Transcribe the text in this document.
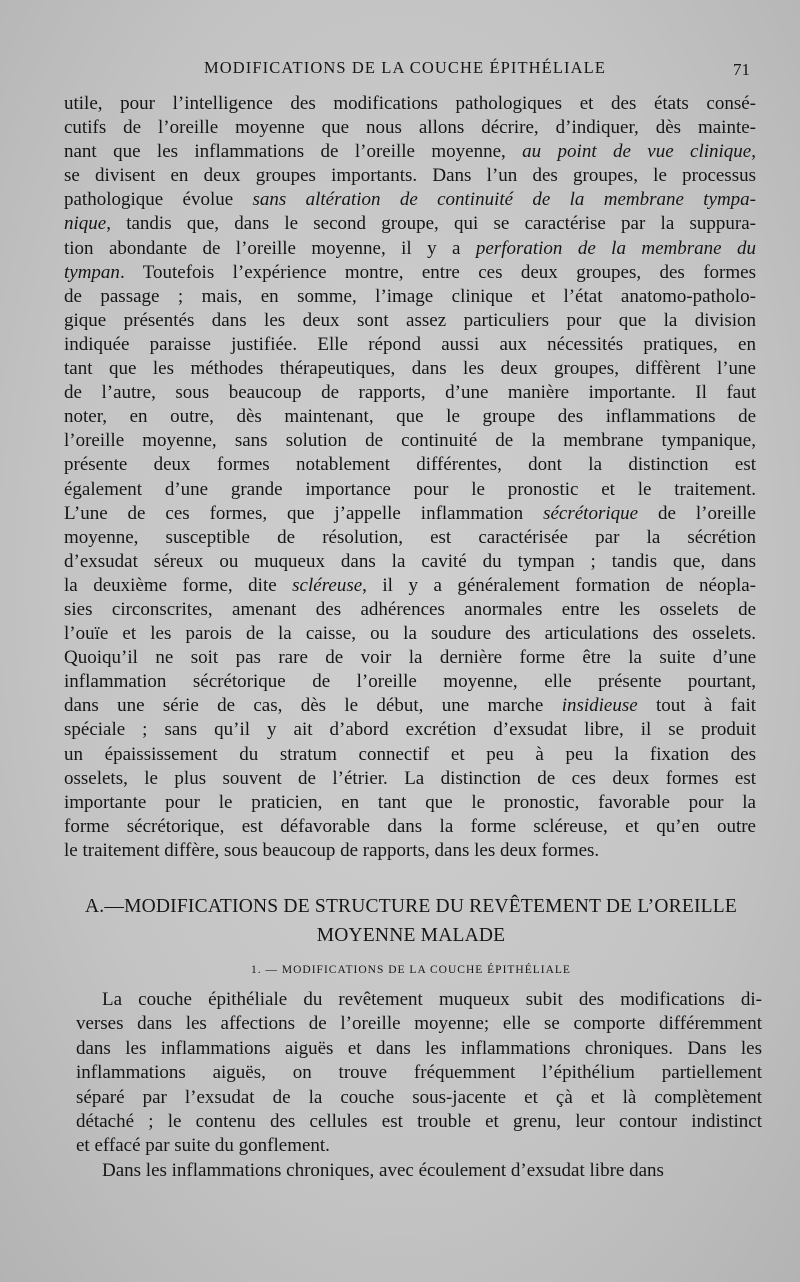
MODIFICATIONS DE LA COUCHE ÉPITHÉLIALE	71
utile, pour l’intelligence des modifications pathologiques et des états consé-
cutifs de l’oreille moyenne que nous allons décrire, d’indiquer, dès mainte-
nant que les inflammations de l’oreille moyenne, au point de vue clinique,
se divisent en deux groupes importants. Dans l’un des groupes, le processus
pathologique évolue sans altération de continuité de la membrane tympa-
nique, tandis que, dans le second groupe, qui se caractérise par la suppura-
tion abondante de l’oreille moyenne, il y a perforation de la membrane du
tympan. Toutefois l’expérience montre, entre ces deux groupes, des formes
de passage ; mais, en somme, l’image clinique et l’état anatomo-patholo-
gique présentés dans les deux sont assez particuliers pour que la division
indiquée paraisse justifiée. Elle répond aussi aux nécessités pratiques, en
tant que les méthodes thérapeutiques, dans les deux groupes, diffèrent l’une
de l’autre, sous beaucoup de rapports, d’une manière importante. Il faut
noter, en outre, dès maintenant, que le groupe des inflammations de
l’oreille moyenne, sans solution de continuité de la membrane tympanique,
présente deux formes notablement différentes, dont la distinction est
également d’une grande importance pour le pronostic et le traitement.
L’une de ces formes, que j’appelle inflammation sécrétorique de l’oreille
moyenne, susceptible de résolution, est caractérisée par la sécrétion
d’exsudat séreux ou muqueux dans la cavité du tympan ; tandis que, dans
la deuxième forme, dite scléreuse, il y a généralement formation de néopla-
sies circonscrites, amenant des adhérences anormales entre les osselets de
l’ouïe et les parois de la caisse, ou la soudure des articulations des osselets.
Quoiqu’il ne soit pas rare de voir la dernière forme être la suite d’une
inflammation sécrétorique de l’oreille moyenne, elle présente pourtant,
dans une série de cas, dès le début, une marche insidieuse tout à fait
spéciale ; sans qu’il y ait d’abord excrétion d’exsudat libre, il se produit
un épaississement du stratum connectif et peu à peu la fixation des
osselets, le plus souvent de l’étrier. La distinction de ces deux formes est
importante pour le praticien, en tant que le pronostic, favorable pour la
forme sécrétorique, est défavorable dans la forme scléreuse, et qu’en outre
le traitement diffère, sous beaucoup de rapports, dans les deux formes.
A.—MODIFICATIONS DE STRUCTURE DU REVÊTEMENT DE L’OREILLE
MOYENNE MALADE
1. — MODIFICATIONS DE LA COUCHE ÉPITHÉLIALE
La couche épithéliale du revêtement muqueux subit des modifications di-
verses dans les affections de l’oreille moyenne; elle se comporte différemment
dans les inflammations aiguës et dans les inflammations chroniques. Dans les
inflammations aiguës, on trouve fréquemment l’épithélium partiellement
séparé par l’exsudat de la couche sous-jacente et çà et là complètement
détaché ; le contenu des cellules est trouble et grenu, leur contour indistinct
et effacé par suite du gonflement.
Dans les inflammations chroniques, avec écoulement d’exsudat libre dans
